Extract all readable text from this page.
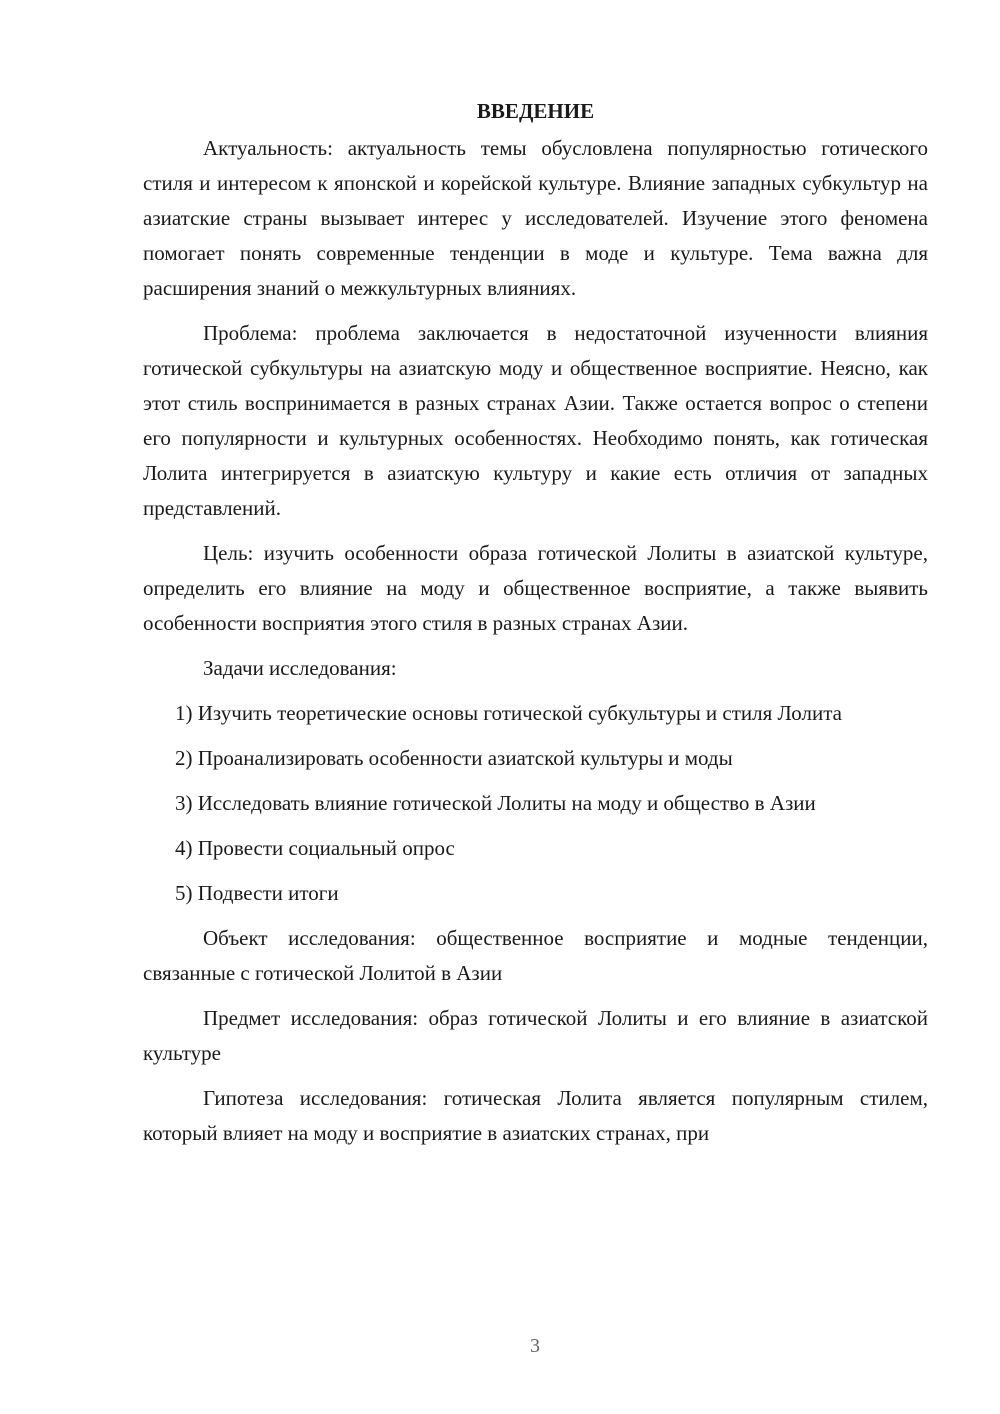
ВВЕДЕНИЕ

Актуальность: актуальность темы обусловлена популярностью готического стиля и интересом к японской и корейской культуре. Влияние западных субкультур на азиатские страны вызывает интерес у исследователей. Изучение этого феномена помогает понять современные тенденции в моде и культуре. Тема важна для расширения знаний о межкультурных влияниях.

Проблема: проблема заключается в недостаточной изученности влияния готической субкультуры на азиатскую моду и общественное восприятие. Неясно, как этот стиль воспринимается в разных странах Азии. Также остается вопрос о степени его популярности и культурных особенностях. Необходимо понять, как готическая Лолита интегрируется в азиатскую культуру и какие есть отличия от западных представлений.

Цель: изучить особенности образа готической Лолиты в азиатской культуре, определить его влияние на моду и общественное восприятие, а также выявить особенности восприятия этого стиля в разных странах Азии.

Задачи исследования:

1) Изучить теоретические основы готической субкультуры и стиля Лолита

2) Проанализировать особенности азиатской культуры и моды

3) Исследовать влияние готической Лолиты на моду и общество в Азии

4) Провести социальный опрос

5) Подвести итоги

Объект исследования: общественное восприятие и модные тенденции, связанные с готической Лолитой в Азии

Предмет исследования: образ готической Лолиты и его влияние в азиатской культуре

Гипотеза исследования: готическая Лолита является популярным стилем, который влияет на моду и восприятие в азиатских странах, при

3
